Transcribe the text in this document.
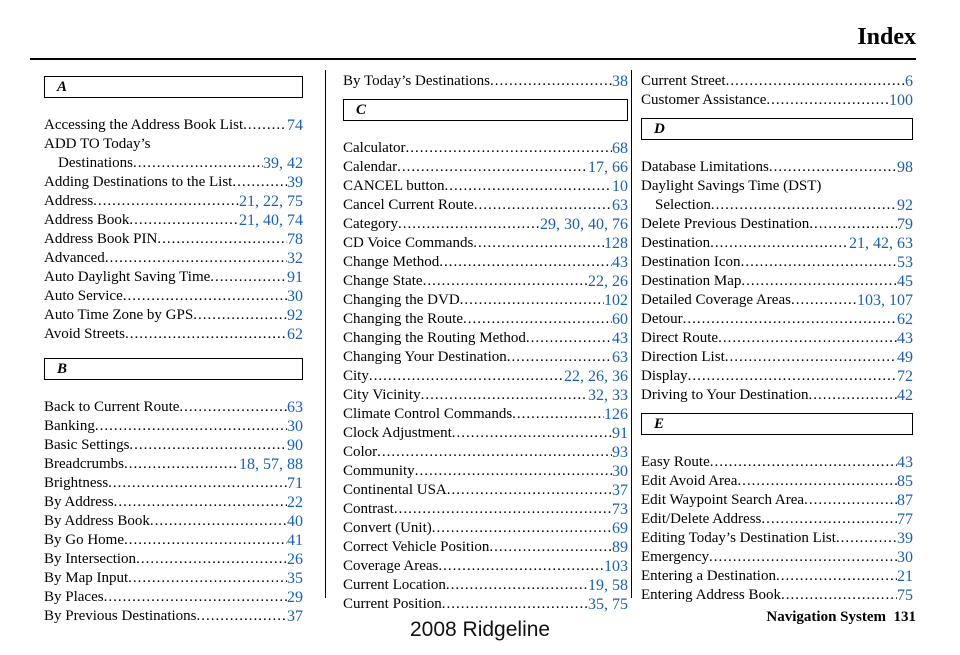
Index
A
Accessing the Address Book List .....	74
ADD TO Today’s
Destinations .....	39, 42
Adding Destinations to the List .....	39
Address .....	21, 22, 75
Address Book .....	21, 40, 74
Address Book PIN .....	78
Advanced .....	32
Auto Daylight Saving Time .....	91
Auto Service .....	30
Auto Time Zone by GPS .....	92
Avoid Streets .....	62
B
Back to Current Route .....	63
Banking .....	30
Basic Settings .....	90
Breadcrumbs .....	18, 57, 88
Brightness .....	71
By Address .....	22
By Address Book .....	40
By Go Home .....	41
By Intersection .....	26
By Map Input .....	35
By Places .....	29
By Previous Destinations .....	37
By Today’s Destinations .....	38
C
Calculator .....	68
Calendar .....	17, 66
CANCEL button .....	10
Cancel Current Route .....	63
Category .....	29, 30, 40, 76
CD Voice Commands .....	128
Change Method .....	43
Change State .....	22, 26
Changing the DVD .....	102
Changing the Route .....	60
Changing the Routing Method .....	43
Changing Your Destination .....	63
City .....	22, 26, 36
City Vicinity .....	32, 33
Climate Control Commands .....	126
Clock Adjustment .....	91
Color .....	93
Community .....	30
Continental USA .....	37
Contrast .....	73
Convert (Unit) .....	69
Correct Vehicle Position .....	89
Coverage Areas .....	103
Current Location .....	19, 58
Current Position .....	35, 75
Current Street .....	6
Customer Assistance .....	100
D
Database Limitations .....	98
Daylight Savings Time (DST)
Selection .....	92
Delete Previous Destination .....	79
Destination .....	21, 42, 63
Destination Icon .....	53
Destination Map .....	45
Detailed Coverage Areas .....	103, 107
Detour .....	62
Direct Route .....	43
Direction List .....	49
Display .....	72
Driving to Your Destination .....	42
E
Easy Route .....	43
Edit Avoid Area .....	85
Edit Waypoint Search Area .....	87
Edit/Delete Address .....	77
Editing Today’s Destination List .....	39
Emergency .....	30
Entering a Destination .....	21
Entering Address Book .....	75
Navigation System 131
2008 Ridgeline
